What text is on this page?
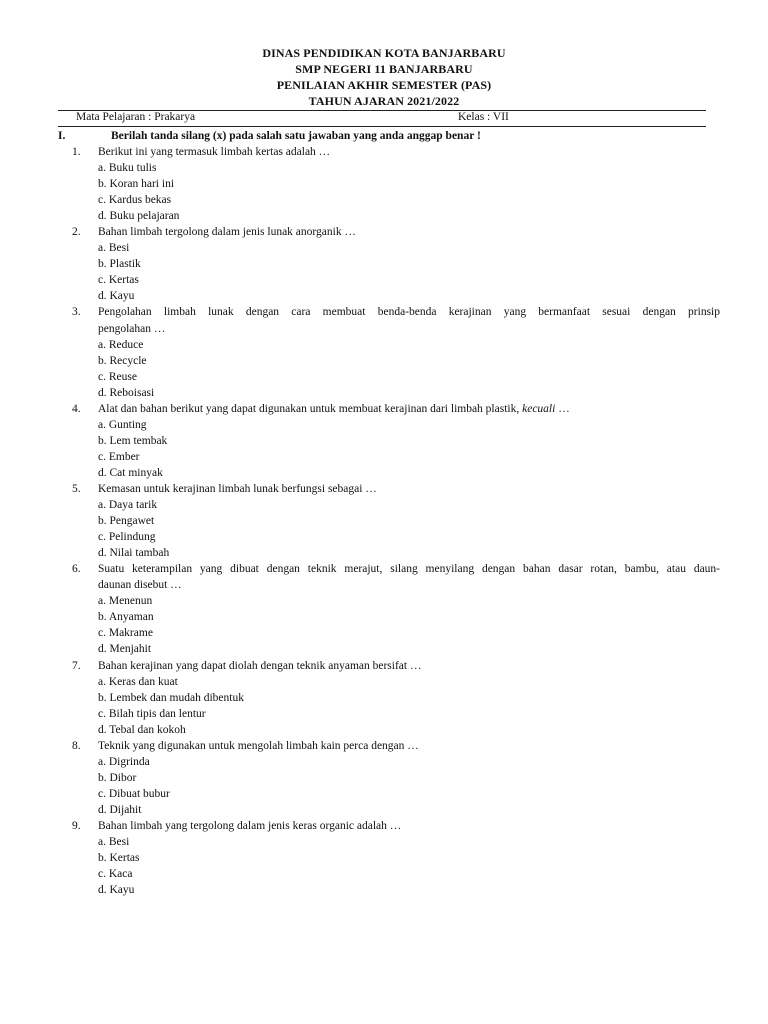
DINAS PENDIDIKAN KOTA BANJARBARU
SMP NEGERI 11 BANJARBARU
PENILAIAN AKHIR SEMESTER (PAS)
TAHUN AJARAN 2021/2022
Mata Pelajaran : Prakarya	Kelas : VII
I.	Berilah tanda silang (x) pada salah satu jawaban yang anda anggap benar !
1. Berikut ini yang termasuk limbah kertas adalah …
a. Buku tulis
b. Koran hari ini
c. Kardus bekas
d. Buku pelajaran
2. Bahan limbah tergolong dalam jenis lunak anorganik …
a. Besi
b. Plastik
c. Kertas
d. Kayu
3. Pengolahan limbah lunak dengan cara membuat benda-benda kerajinan yang bermanfaat sesuai dengan prinsip
pengolahan …
a. Reduce
b. Recycle
c. Reuse
d. Reboisasi
4. Alat dan bahan berikut yang dapat digunakan untuk membuat kerajinan dari limbah plastik, kecuali …
a. Gunting
b. Lem tembak
c. Ember
d. Cat minyak
5. Kemasan untuk kerajinan limbah lunak berfungsi sebagai …
a. Daya tarik
b. Pengawet
c. Pelindung
d. Nilai tambah
6. Suatu keterampilan yang dibuat dengan teknik merajut, silang menyilang dengan bahan dasar rotan, bambu, atau daun-
daunan disebut …
a. Menenun
b. Anyaman
c. Makrame
d. Menjahit
7. Bahan kerajinan yang dapat diolah dengan teknik anyaman bersifat …
a. Keras dan kuat
b. Lembek dan mudah dibentuk
c. Bilah tipis dan lentur
d. Tebal dan kokoh
8. Teknik yang digunakan untuk mengolah limbah kain perca dengan …
a. Digrinda
b. Dibor
c. Dibuat bubur
d. Dijahit
9. Bahan limbah yang tergolong dalam jenis keras organic adalah …
a. Besi
b. Kertas
c. Kaca
d. Kayu
